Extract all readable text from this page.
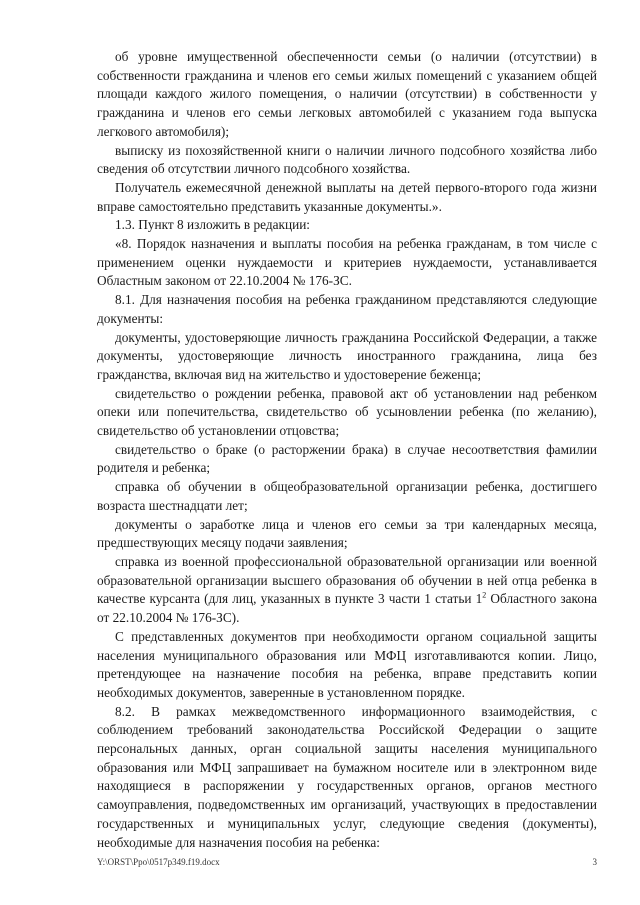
об уровне имущественной обеспеченности семьи (о наличии (отсутствии) в собственности гражданина и членов его семьи жилых помещений с указанием общей площади каждого жилого помещения, о наличии (отсутствии) в собственности у гражданина и членов его семьи легковых автомобилей с указанием года выпуска легкового автомобиля);

выписку из похозяйственной книги о наличии личного подсобного хозяйства либо сведения об отсутствии личного подсобного хозяйства.

Получатель ежемесячной денежной выплаты на детей первого-второго года жизни вправе самостоятельно представить указанные документы.».

1.3. Пункт 8 изложить в редакции:

«8. Порядок назначения и выплаты пособия на ребенка гражданам, в том числе с применением оценки нуждаемости и критериев нуждаемости, устанавливается Областным законом от 22.10.2004 № 176-ЗС.

8.1. Для назначения пособия на ребенка гражданином представляются следующие документы:

документы, удостоверяющие личность гражданина Российской Федерации, а также документы, удостоверяющие личность иностранного гражданина, лица без гражданства, включая вид на жительство и удостоверение беженца;

свидетельство о рождении ребенка, правовой акт об установлении над ребенком опеки или попечительства, свидетельство об усыновлении ребенка (по желанию), свидетельство об установлении отцовства;

свидетельство о браке (о расторжении брака) в случае несоответствия фамилии родителя и ребенка;

справка об обучении в общеобразовательной организации ребенка, достигшего возраста шестнадцати лет;

документы о заработке лица и членов его семьи за три календарных месяца, предшествующих месяцу подачи заявления;

справка из военной профессиональной образовательной организации или военной образовательной организации высшего образования об обучении в ней отца ребенка в качестве курсанта (для лиц, указанных в пункте 3 части 1 статьи $1^2$ Областного закона от 22.10.2004 № 176-ЗС).

С представленных документов при необходимости органом социальной защиты населения муниципального образования или МФЦ изготавливаются копии. Лицо, претендующее на назначение пособия на ребенка, вправе представить копии необходимых документов, заверенные в установленном порядке.

8.2. В рамках межведомственного информационного взаимодействия, с соблюдением требований законодательства Российской Федерации о защите персональных данных, орган социальной защиты населения муниципального образования или МФЦ запрашивает на бумажном носителе или в электронном виде находящиеся в распоряжении у государственных органов, органов местного самоуправления, подведомственных им организаций, участвующих в предоставлении государственных и муниципальных услуг, следующие сведения (документы), необходимые для назначения пособия на ребенка:

Y:\ORST\Ppo\0517p349.f19.docx	3
